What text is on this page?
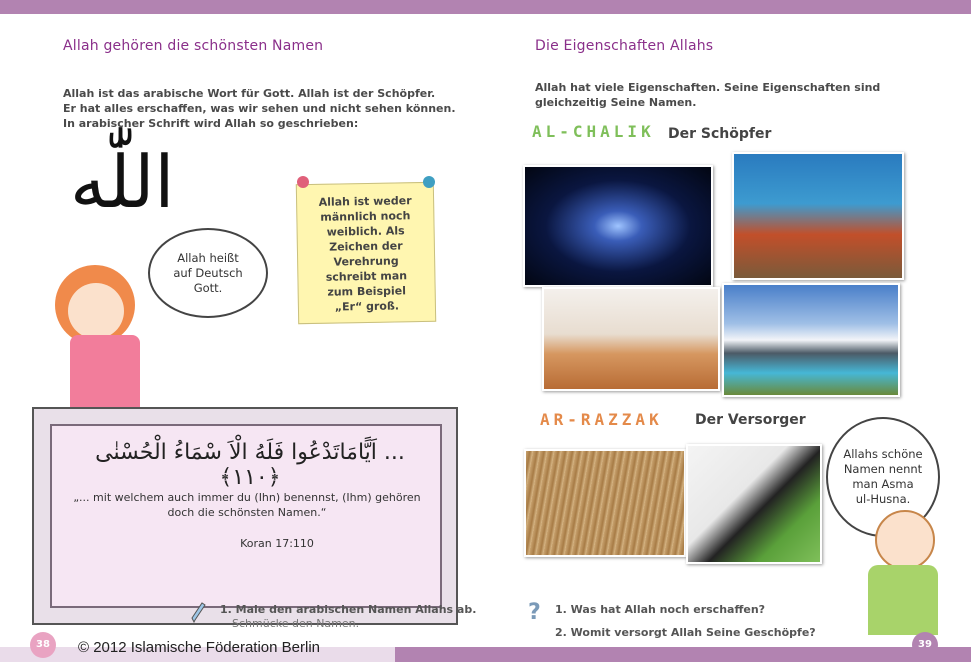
Allah gehören die schönsten Namen
Allah ist das arabische Wort für Gott. Allah ist der Schöpfer.
Er hat alles erschaffen, was wir sehen und nicht sehen können.
In arabischer Schrift wird Allah so geschrieben:
اللّٰه
Allah heißt
auf Deutsch
Gott.
Allah ist weder
männlich noch
weiblich. Als
Zeichen der
Verehrung
schreibt man
zum Beispiel
„Er“ groß.
... اَيًّامَاتَدْعُوا فَلَهُ الْاَ سْمَاءُ الْحُسْنٰى ﴿١١٠﴾
„... mit welchem auch immer du (Ihn) benennst, (Ihm) gehören
doch die schönsten Namen.“
Koran 17:110
1. Male den arabischen Namen Allahs ab.
Schmücke den Namen.
Die Eigenschaften Allahs
Allah hat viele Eigenschaften. Seine Eigenschaften sind
gleichzeitig Seine Namen.
AL-CHALIK Der Schöpfer
AR-RAZZAK Der Versorger
Allahs schöne
Namen nennt
man Asma
ul-Husna.
? 1. Was hat Allah noch erschaffen?
2. Womit versorgt Allah Seine Geschöpfe?
38	39
© 2012 Islamische Föderation Berlin
